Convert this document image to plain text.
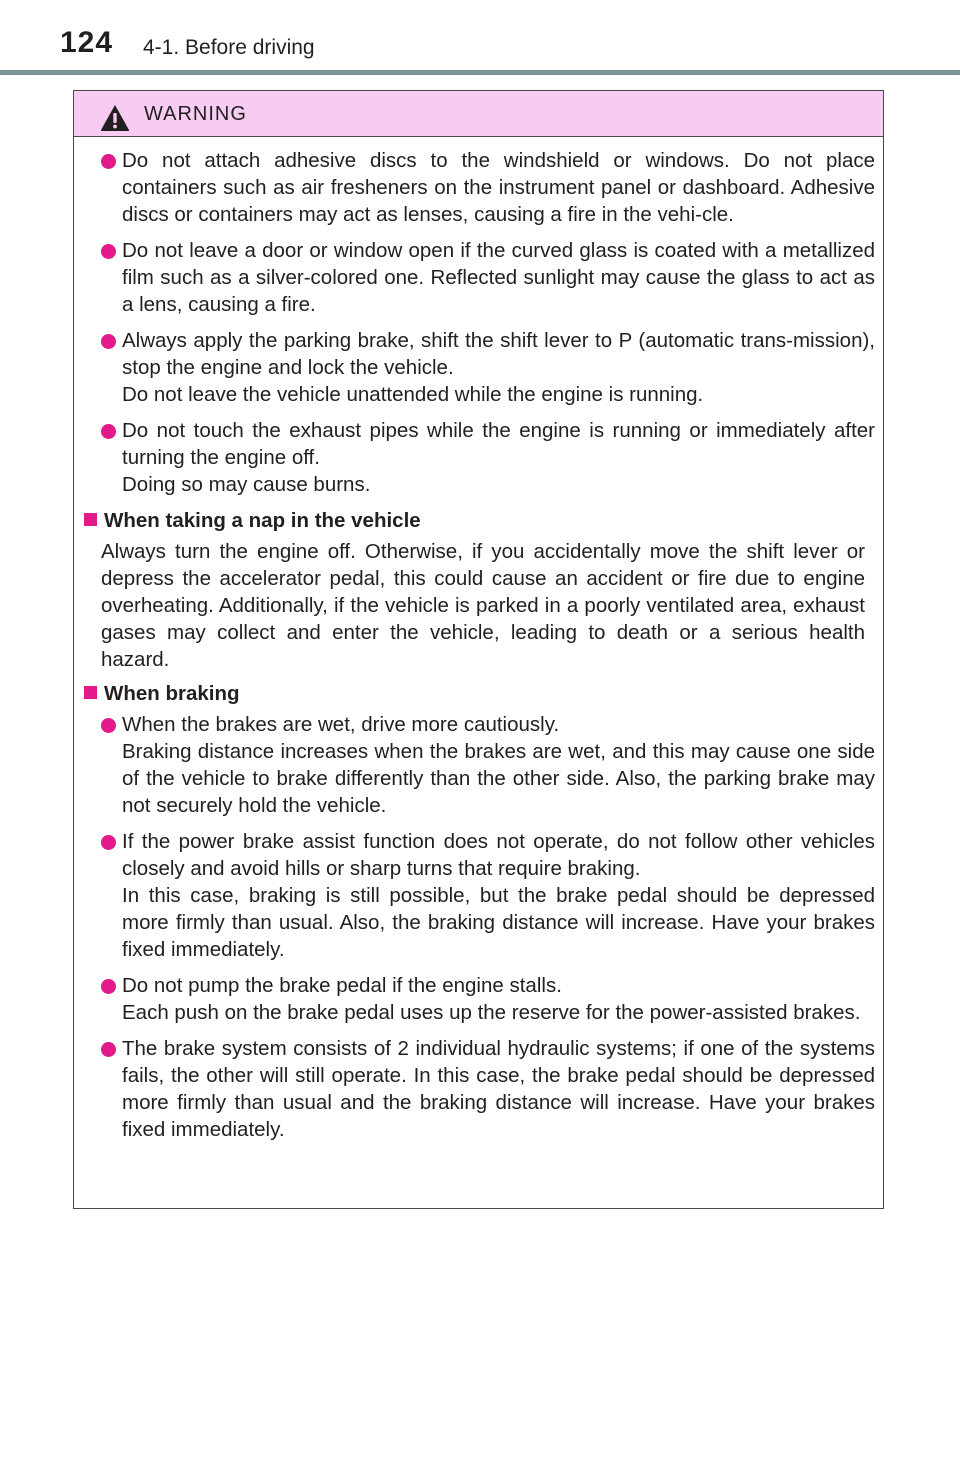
124 4-1. Before driving
WARNING
Do not attach adhesive discs to the windshield or windows. Do not place containers such as air fresheners on the instrument panel or dashboard. Adhesive discs or containers may act as lenses, causing a fire in the vehi-cle.
Do not leave a door or window open if the curved glass is coated with a metallized film such as a silver-colored one. Reflected sunlight may cause the glass to act as a lens, causing a fire.
Always apply the parking brake, shift the shift lever to P (automatic trans-mission), stop the engine and lock the vehicle.
Do not leave the vehicle unattended while the engine is running.
Do not touch the exhaust pipes while the engine is running or immediately after turning the engine off.
Doing so may cause burns.
When taking a nap in the vehicle
Always turn the engine off. Otherwise, if you accidentally move the shift lever or depress the accelerator pedal, this could cause an accident or fire due to engine overheating. Additionally, if the vehicle is parked in a poorly ventilated area, exhaust gases may collect and enter the vehicle, leading to death or a serious health hazard.
When braking
When the brakes are wet, drive more cautiously.
Braking distance increases when the brakes are wet, and this may cause one side of the vehicle to brake differently than the other side. Also, the parking brake may not securely hold the vehicle.
If the power brake assist function does not operate, do not follow other vehicles closely and avoid hills or sharp turns that require braking.
In this case, braking is still possible, but the brake pedal should be depressed more firmly than usual. Also, the braking distance will increase. Have your brakes fixed immediately.
Do not pump the brake pedal if the engine stalls.
Each push on the brake pedal uses up the reserve for the power-assisted brakes.
The brake system consists of 2 individual hydraulic systems; if one of the systems fails, the other will still operate. In this case, the brake pedal should be depressed more firmly than usual and the braking distance will increase. Have your brakes fixed immediately.
